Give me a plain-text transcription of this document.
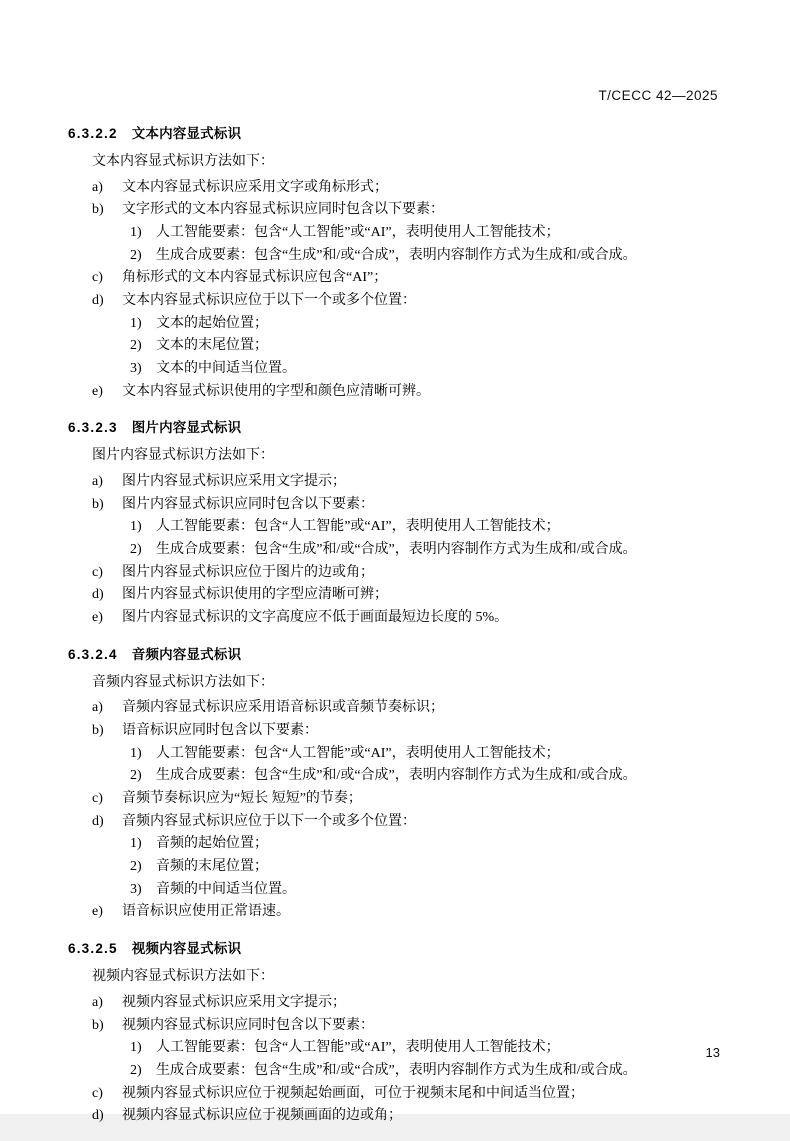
T/CECC 42—2025
6.3.2.2 文本内容显式标识

文本内容显式标识方法如下：

a)	文本内容显式标识应采用文字或角标形式；
b)	文字形式的文本内容显式标识应同时包含以下要素：
1)	人工智能要素：包含“人工智能”或“AI”，表明使用人工智能技术；
2)	生成合成要素：包含“生成”和/或“合成”，表明内容制作方式为生成和/或合成。
c)	角标形式的文本内容显式标识应包含“AI”；
d)	文本内容显式标识应位于以下一个或多个位置：
1)	文本的起始位置；
2)	文本的末尾位置；
3)	文本的中间适当位置。
e)	文本内容显式标识使用的字型和颜色应清晰可辨。
6.3.2.3 图片内容显式标识

图片内容显式标识方法如下：

a)	图片内容显式标识应采用文字提示；
b)	图片内容显式标识应同时包含以下要素：
1)	人工智能要素：包含“人工智能”或“AI”，表明使用人工智能技术；
2)	生成合成要素：包含“生成”和/或“合成”，表明内容制作方式为生成和/或合成。
c)	图片内容显式标识应位于图片的边或角；
d)	图片内容显式标识使用的字型应清晰可辨；
e)	图片内容显式标识的文字高度应不低于画面最短边长度的 5%。
6.3.2.4 音频内容显式标识

音频内容显式标识方法如下：

a)	音频内容显式标识应采用语音标识或音频节奏标识；
b)	语音标识应同时包含以下要素：
1)	人工智能要素：包含“人工智能”或“AI”，表明使用人工智能技术；
2)	生成合成要素：包含“生成”和/或“合成”，表明内容制作方式为生成和/或合成。
c)	音频节奏标识应为“短长 短短”的节奏；
d)	音频内容显式标识应位于以下一个或多个位置：
1)	音频的起始位置；
2)	音频的末尾位置；
3)	音频的中间适当位置。
e)	语音标识应使用正常语速。
6.3.2.5 视频内容显式标识

视频内容显式标识方法如下：

a)	视频内容显式标识应采用文字提示；
b)	视频内容显式标识应同时包含以下要素：
1)	人工智能要素：包含“人工智能”或“AI”，表明使用人工智能技术；
2)	生成合成要素：包含“生成”和/或“合成”，表明内容制作方式为生成和/或合成。
c)	视频内容显式标识应位于视频起始画面，可位于视频末尾和中间适当位置；
d)	视频内容显式标识应位于视频画面的边或角；
13
